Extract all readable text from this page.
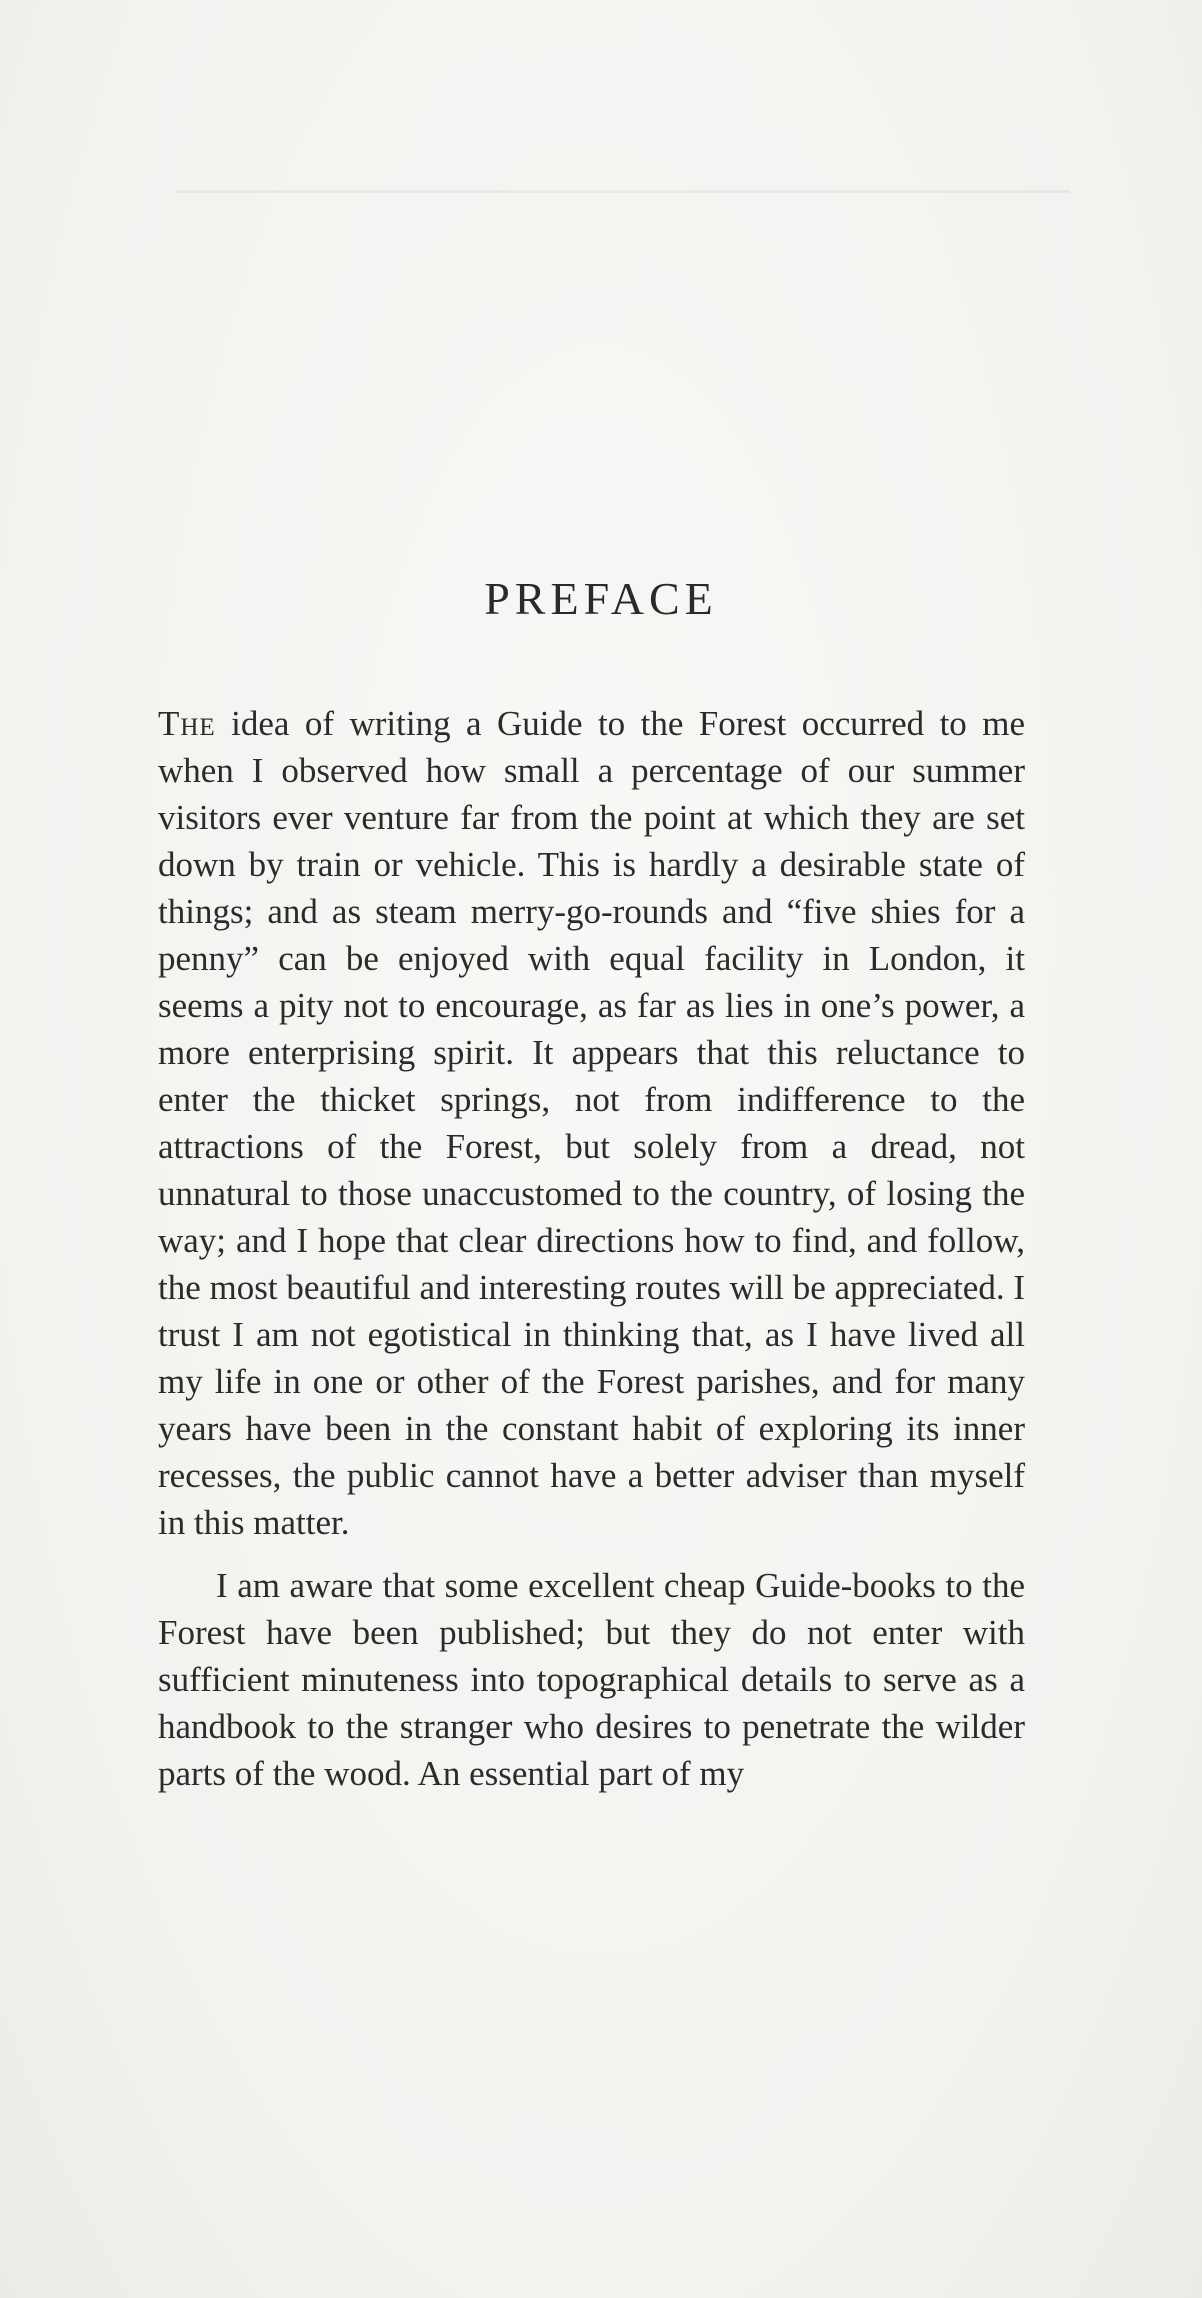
PREFACE

The idea of writing a Guide to the Forest occurred to me when I observed how small a percentage of our summer visitors ever venture far from the point at which they are set down by train or vehicle. This is hardly a desirable state of things; and as steam merry-go-rounds and “five shies for a penny” can be enjoyed with equal facility in London, it seems a pity not to encourage, as far as lies in one’s power, a more enterprising spirit. It appears that this reluctance to enter the thicket springs, not from indifference to the attractions of the Forest, but solely from a dread, not unnatural to those unaccustomed to the country, of losing the way; and I hope that clear directions how to find, and follow, the most beautiful and interesting routes will be appreciated. I trust I am not egotistical in thinking that, as I have lived all my life in one or other of the Forest parishes, and for many years have been in the constant habit of exploring its inner recesses, the public cannot have a better adviser than myself in this matter.

I am aware that some excellent cheap Guide-books to the Forest have been published; but they do not enter with sufficient minuteness into topographical details to serve as a handbook to the stranger who desires to penetrate the wilder parts of the wood. An essential part of my
